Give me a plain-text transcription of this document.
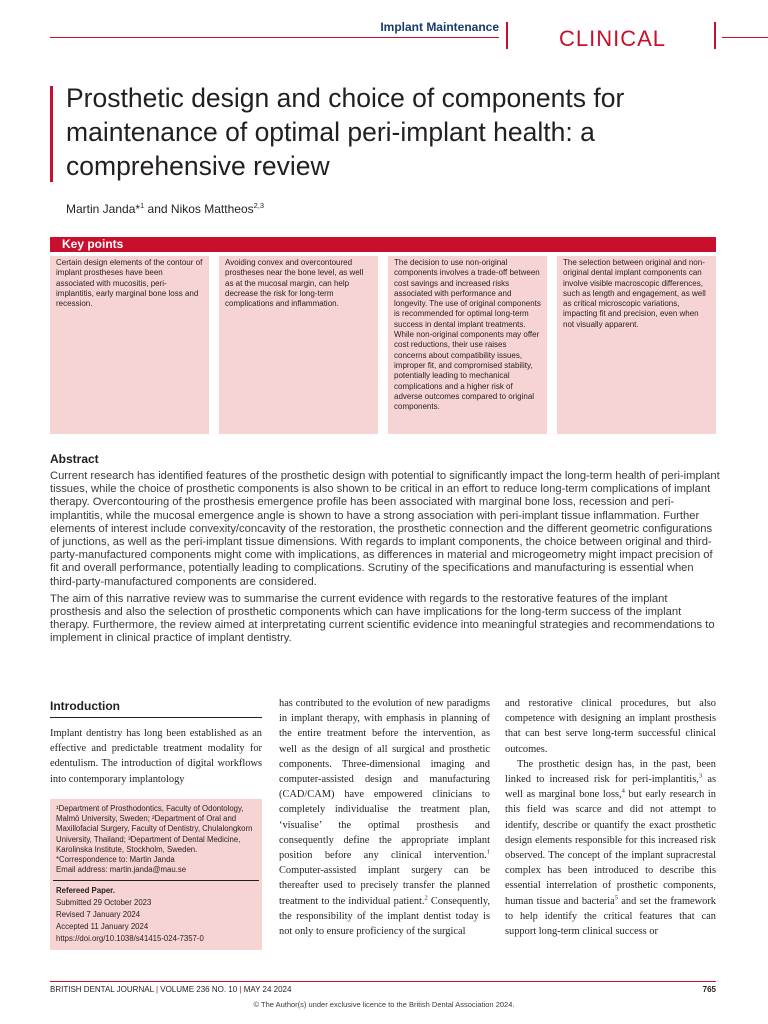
Implant Maintenance	CLINICAL
Prosthetic design and choice of components for maintenance of optimal peri-implant health: a comprehensive review
Martin Janda*$^1$ and Nikos Mattheos$^{2,3}$
Key points
Certain design elements of the contour of implant prostheses have been associated with mucositis, peri-implantitis, early marginal bone loss and recession.
Avoiding convex and overcontoured prostheses near the bone level, as well as at the mucosal margin, can help decrease the risk for long-term complications and inflammation.
The decision to use non-original components involves a trade-off between cost savings and increased risks associated with performance and longevity. The use of original components is recommended for optimal long-term success in dental implant treatments. While non-original components may offer cost reductions, their use raises concerns about compatibility issues, improper fit, and compromised stability, potentially leading to mechanical complications and a higher risk of adverse outcomes compared to original components.
The selection between original and non-original dental implant components can involve visible macroscopic differences, such as length and engagement, as well as critical microscopic variations, impacting fit and precision, even when not visually apparent.
Abstract

Current research has identified features of the prosthetic design with potential to significantly impact the long-term health of peri-implant tissues, while the choice of prosthetic components is also shown to be critical in an effort to reduce long-term complications of implant therapy. Overcontouring of the prosthesis emergence profile has been associated with marginal bone loss, recession and peri-implantitis, while the mucosal emergence angle is shown to have a strong association with peri-implant tissue inflammation. Further elements of interest include convexity/concavity of the restoration, the prosthetic connection and the different geometric configurations of junctions, as well as the peri-implant tissue dimensions. With regards to implant components, the choice between original and third-party-manufactured components might come with implications, as differences in material and microgeometry might impact precision of fit and overall performance, potentially leading to complications. Scrutiny of the specifications and manufacturing is essential when third-party-manufactured components are considered.

The aim of this narrative review was to summarise the current evidence with regards to the restorative features of the implant prosthesis and also the selection of prosthetic components which can have implications for the long-term success of the implant therapy. Furthermore, the review aimed at interpretating current scientific evidence into meaningful strategies and recommendations to implement in clinical practice of implant dentistry.

Introduction

Implant dentistry has long been established as an effective and predictable treatment modality for edentulism. The introduction of digital workflows into contemporary implantology

¹Department of Prosthodontics, Faculty of Odontology,
Malmö University, Sweden; ²Department of Oral and
Maxillofacial Surgery, Faculty of Dentistry, Chulalongkorn
University, Thailand; ³Department of Dental Medicine,
Karolinska Institute, Stockholm, Sweden.
*Correspondence to: Martin Janda
Email address: martin.janda@mau.se
Refereed Paper.
Submitted 29 October 2023
Revised 7 January 2024
Accepted 11 January 2024
https://doi.org/10.1038/s41415-024-7357-0

has contributed to the evolution of new paradigms in implant therapy, with emphasis in planning of the entire treatment before the intervention, as well as the design of all surgical and prosthetic components. Three-dimensional imaging and computer-assisted design and manufacturing (CAD/CAM) have empowered clinicians to completely individualise the treatment plan, ‘visualise’ the optimal prosthesis and consequently define the appropriate implant position before any clinical intervention.$^1$ Computer-assisted implant surgery can be thereafter used to precisely transfer the planned treatment to the individual patient.$^2$ Consequently, the responsibility of the implant dentist today is not only to ensure proficiency of the surgical

and restorative clinical procedures, but also competence with designing an implant prosthesis that can best serve long-term successful clinical outcomes.

The prosthetic design has, in the past, been linked to increased risk for peri-implantitis,$^3$ as well as marginal bone loss,$^4$ but early research in this field was scarce and did not attempt to identify, describe or quantify the exact prosthetic design elements responsible for this increased risk observed. The concept of the implant supracrestal complex has been introduced to describe this essential interrelation of prosthetic components, human tissue and bacteria$^5$ and set the framework to help identify the critical features that can support long-term clinical success or

BRITISH DENTAL JOURNAL | VOLUME 236 NO. 10 | MAY 24 2024	765
© The Author(s) under exclusive licence to the British Dental Association 2024.
